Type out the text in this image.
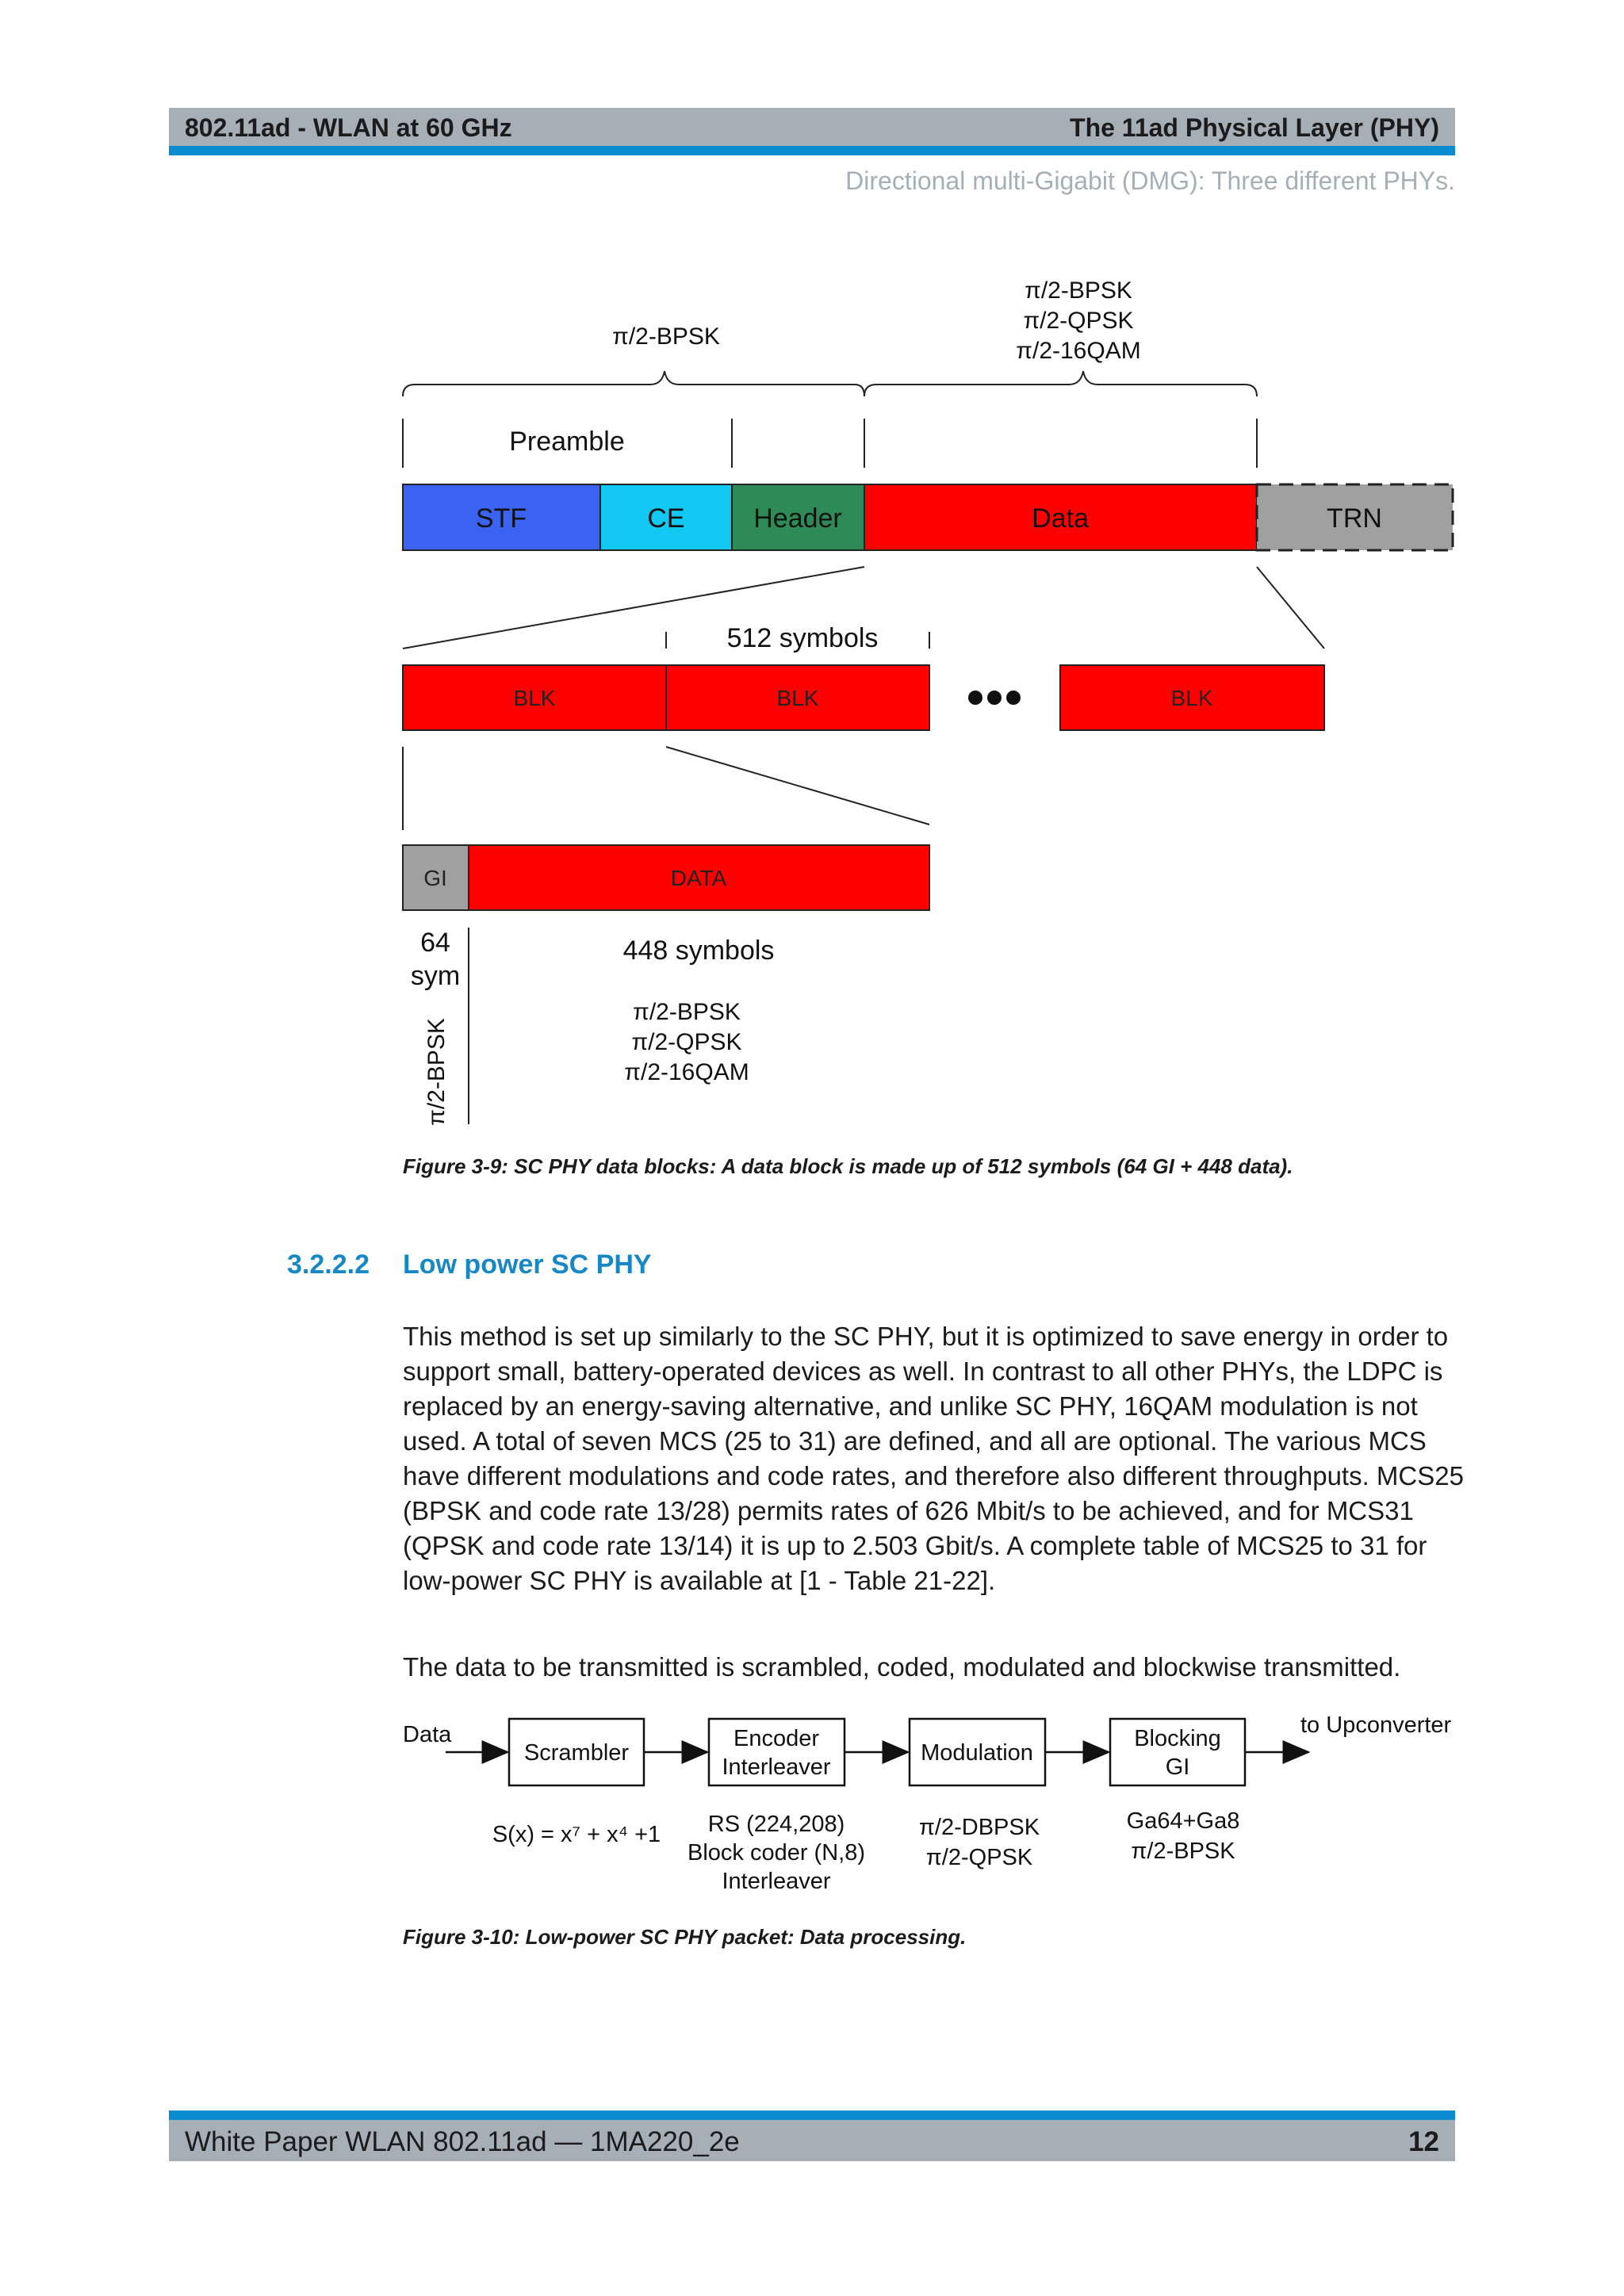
802.11ad - WLAN at 60 GHz	The 11ad Physical Layer (PHY)
Directional multi-Gigabit (DMG): Three different PHYs.
π/2-BPSK
π/2-BPSK
π/2-QPSK
π/2-16QAM
Preamble
STF	CE	Header	Data	TRN
512 symbols
BLK	BLK	BLK
GI	DATA
64
sym
448 symbols
π/2-BPSK
π/2-QPSK
π/2-16QAM
π/2-BPSK
Figure 3-9: SC PHY data blocks: A data block is made up of 512 symbols (64 GI + 448 data).
3.2.2.2 Low power SC PHY

This method is set up similarly to the SC PHY, but it is optimized to save energy in order to support small, battery-operated devices as well. In contrast to all other PHYs, the LDPC is replaced by an energy-saving alternative, and unlike SC PHY, 16QAM modulation is not used. A total of seven MCS (25 to 31) are defined, and all are optional. The various MCS have different modulations and code rates, and therefore also different throughputs. MCS25 (BPSK and code rate 13/28) permits rates of 626 Mbit/s to be achieved, and for MCS31 (QPSK and code rate 13/14) it is up to 2.503 Gbit/s. A complete table of MCS25 to 31 for low-power SC PHY is available at [1 - Table 21-22].

The data to be transmitted is scrambled, coded, modulated and blockwise transmitted.

Data	to Upconverter
Scrambler
Encoder
Interleaver
Modulation
Blocking
GI
S(x) = x⁷ + x⁴ +1 RS (224,208)
Block coder (N,8)
Interleaver
π/2-DBPSK
π/2-QPSK
Ga64+Ga8
π/2-BPSK
Figure 3-10: Low-power SC PHY packet: Data processing.
White Paper WLAN 802.11ad — 1MA220_2e	12
